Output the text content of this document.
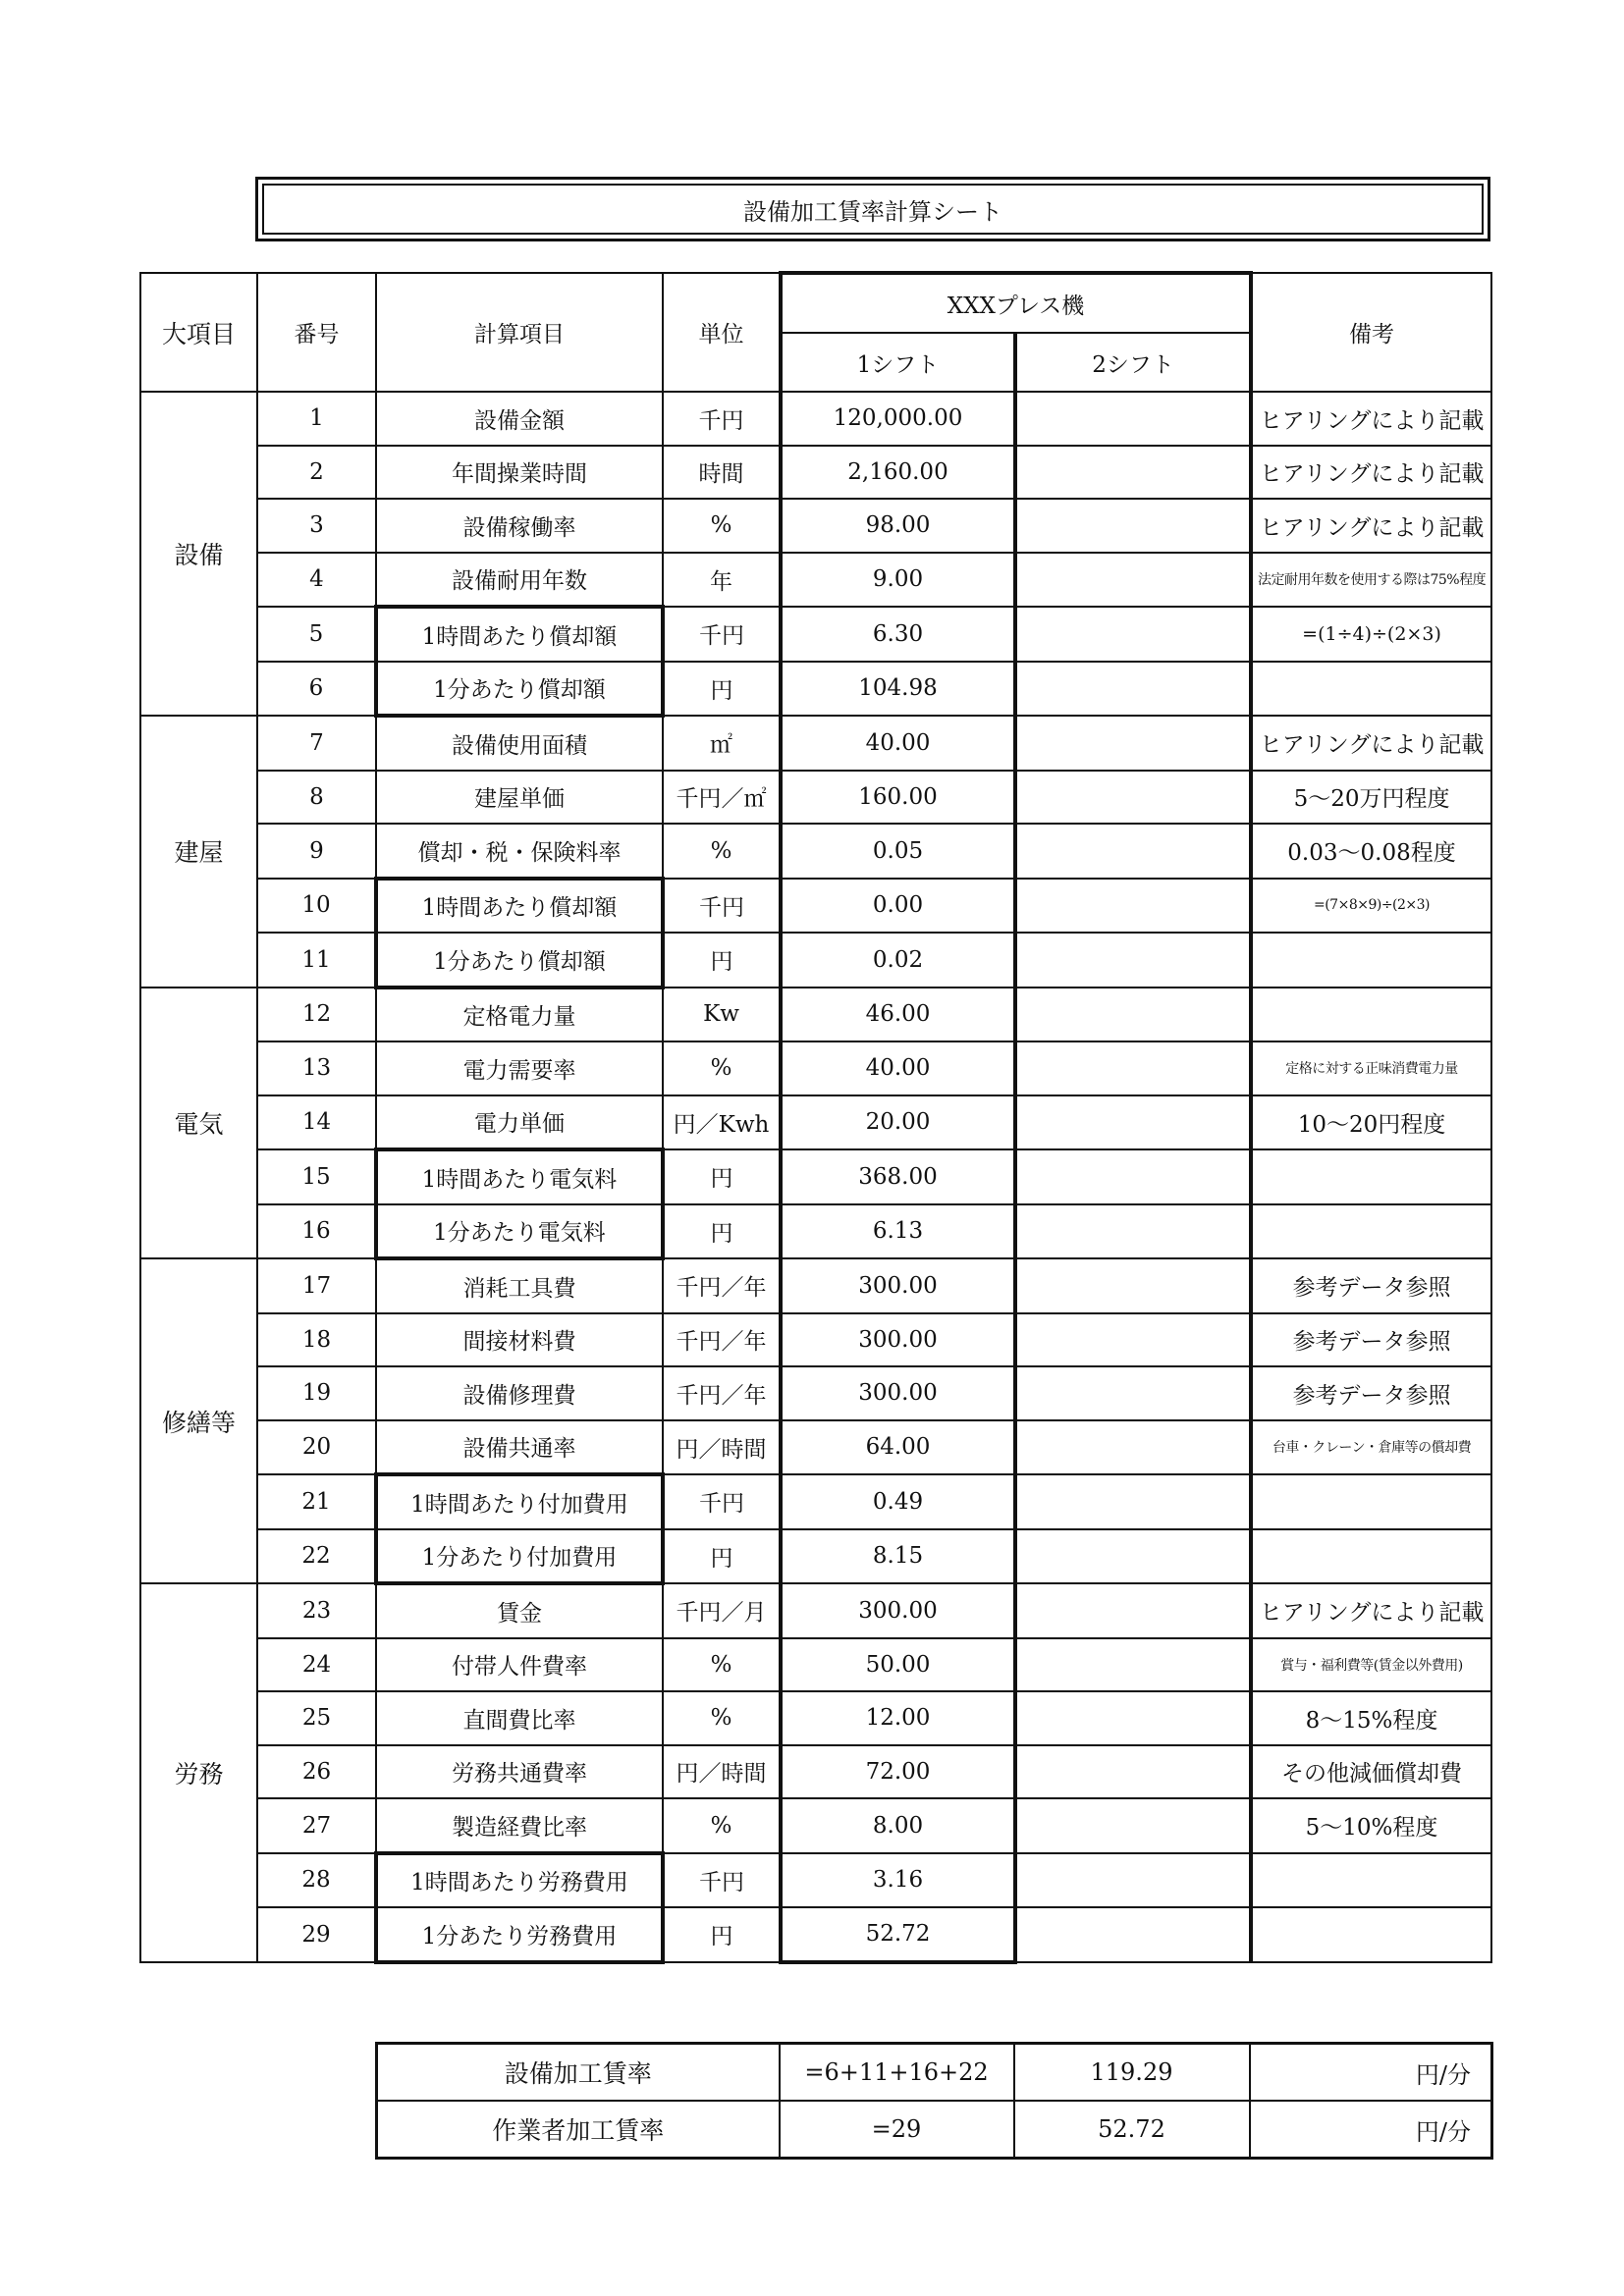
設備加工賃率計算シート
大項目	番号	計算項目	単位	XXXプレス機		備考
				1シフト	2シフト	
設備	1	設備金額	千円	120,000.00		ヒアリングにより記載
	2	年間操業時間	時間	2,160.00		ヒアリングにより記載
	3	設備稼働率	%	98.00		ヒアリングにより記載
	4	設備耐用年数	年	9.00		法定耐用年数を使用する際は75%程度
	5	1時間あたり償却額	千円	6.30		=(1÷4)÷(2×3)
	6	1分あたり償却額	円	104.98		
建屋	7	設備使用面積	㎡	40.00		ヒアリングにより記載
	8	建屋単価	千円／㎡	160.00		5～20万円程度
	9	償却・税・保険料率	%	0.05		0.03～0.08程度
	10	1時間あたり償却額	千円	0.00		=(7×8×9)÷(2×3)
	11	1分あたり償却額	円	0.02		
電気	12	定格電力量	Kw	46.00		
	13	電力需要率	%	40.00		定格に対する正味消費電力量
	14	電力単価	円／Kwh	20.00		10～20円程度
	15	1時間あたり電気料	円	368.00		
	16	1分あたり電気料	円	6.13		
修繕等	17	消耗工具費	千円／年	300.00		参考データ参照
	18	間接材料費	千円／年	300.00		参考データ参照
	19	設備修理費	千円／年	300.00		参考データ参照
	20	設備共通率	円／時間	64.00		台車・クレーン・倉庫等の償却費
	21	1時間あたり付加費用	千円	0.49		
	22	1分あたり付加費用	円	8.15		
労務	23	賃金	千円／月	300.00		ヒアリングにより記載
	24	付帯人件費率	%	50.00		賞与・福利費等(賃金以外費用)
	25	直間費比率	%	12.00		8～15%程度
	26	労務共通費率	円／時間	72.00		その他減価償却費
	27	製造経費比率	%	8.00		5～10%程度
	28	1時間あたり労務費用	千円	3.16		
	29	1分あたり労務費用	円	52.72		
設備加工賃率	=6+11+16+22	119.29	円/分
作業者加工賃率	=29	52.72	円/分
